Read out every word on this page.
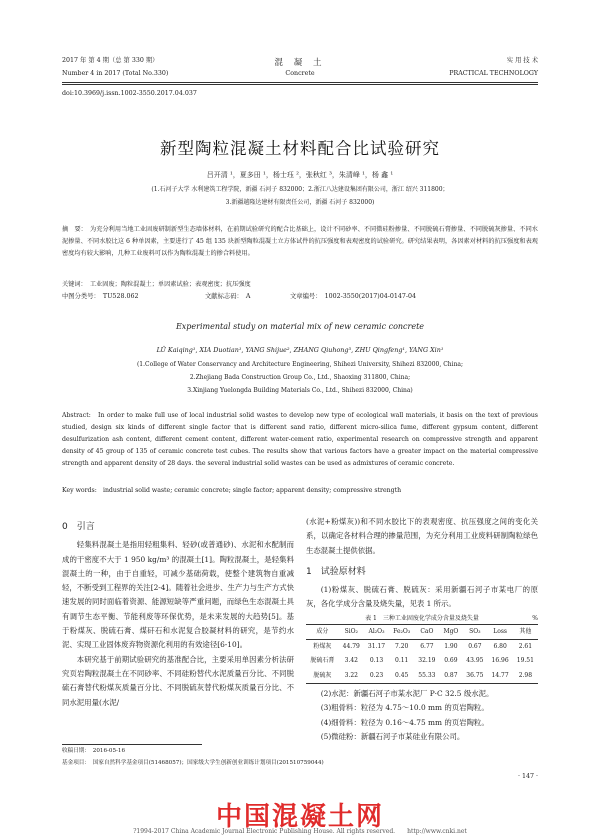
2017 年 第 4 期（总 第 330 期）
Number 4 in 2017 (Total No.330)
混 凝 土
Concrete
实 用 技 术
PRACTICAL TECHNOLOGY
doi:10.3969/j.issn.1002-3550.2017.04.037
新型陶粒混凝土材料配合比试验研究
吕开清 ¹，夏多田 ¹，杨士珏 ²，张秋红 ³，朱清峰 ¹，杨 鑫 ¹
(1.石河子大学 水利建筑工程学院，新疆 石河子 832000；2.浙江八达建设集团有限公司，浙江 绍兴 311800；
3.新疆越隆达建材有限责任公司，新疆 石河子 832000)
摘　要：　为充分利用当地工业固废研制新型生态墙体材料，在前期试验研究的配合比基础上，设计不同砂率、不同微硅粉掺量、不同脱硫石膏掺量、不同脱硫灰掺量、不同水泥掺量、不同水胶比这 6 种单因素，主要进行了 45 组 135 块新型陶粒混凝土立方体试件的抗压强度和表观密度的试验研究。研究结果表明，各因素对材料的抗压强度和表观密度均有较大影响，几种工业废料可以作为陶粒混凝土的掺合料使用。
关键词：　工业固废；陶粒混凝土；单因素试验；表观密度；抗压强度
中图分类号：　TU528.062	文献标志码：　A	文章编号：　1002-3550(2017)04-0147-04
Experimental study on material mix of new ceramic concrete
LÜ Kaiqing¹, XIA Duotian¹, YANG Shijue², ZHANG Qiuhong³, ZHU Qingfeng¹, YANG Xin¹
(1.College of Water Conservancy and Architecture Engineering, Shihezi University, Shihezi 832000, China;
2.Zhejiang Bada Construction Group Co., Ltd., Shaoxing 311800, China;
3.Xinjiang Yuelongda Building Materials Co., Ltd., Shihezi 832000, China)
Abstract:　In order to make full use of local industrial solid wastes to develop new type of ecological wall materials, it basis on the text of previous studied, design six kinds of different single factor that is different sand ratio, different micro-silica fume, different gypsum content, different desulfurization ash content, different cement content, different water-cement ratio, experimental research on compressive strength and apparent density of 45 group of 135 of ceramic concrete test cubes. The results show that various factors have a greater impact on the material compressive strength and apparent density of 28 days. the several industrial solid wastes can be used as admixtures of ceramic concrete.
Key words:　industrial solid waste; ceramic concrete; single factor; apparent density; compressive strength
0　引言
轻集料混凝土是指用轻粗集料、轻砂(或普通砂)、水泥和水配制而成的干密度不大于 1 950 kg/m³ 的混凝土[1]。陶粒混凝土，是轻集料混凝土的一种，由于自重轻，可减少基础荷载，使整个建筑物自重减轻，不断受到工程界的关注[2-4]。随着社会进步、生产力与生产方式快速发展的同时面临着资源、能源短缺等严重问题，而绿色生态混凝土具有调节生态平衡、节能利废等环保优势，是未来发展的大趋势[5]。基于粉煤灰、脱硫石膏、煤矸石和水泥复合胶凝材料的研究，是节约水泥、实现工业固体废弃物资源化利用的有效途径[6-10]。
本研究基于前期试验研究的基准配合比，主要采用单因素分析法研究页岩陶粒混凝土在不同砂率、不同硅粉替代水泥质量百分比、不同脱硫石膏替代粉煤灰质量百分比、不同脱硫灰替代粉煤灰质量百分比、不同水泥用量(水泥/
(水泥+粉煤灰))和不同水胶比下的表观密度、抗压强度之间的变化关系，以确定各材料合理的掺量范围，为充分利用工业废料研制陶粒绿色生态混凝土提供依据。
1　试验原材料
(1)粉煤灰、脱硫石膏、脱硫灰：采用新疆石河子市某电厂的原灰，各化学成分含量及烧失量，见表 1 所示。
表 1　三种工业固废化学成分含量及烧失量	%
成分	SiO₂	Al₂O₃	Fe₂O₃	CaO	MgO	SO₃	Loss	其他
粉煤灰	44.79	31.17	7.20	6.77	1.90	0.67	6.80	2.61
脱硫石膏	3.42	0.13	0.11	32.19	0.69	43.95	16.96	19.51
脱硫灰	3.22	0.23	0.45	55.33	0.87	36.75	14.77	2.98
(2)水泥：新疆石河子市某水泥厂 P·C 32.5 级水泥。
(3)粗骨料：粒径为 4.75～10.0 mm 的页岩陶粒。
(4)细骨料：粒径为 0.16～4.75 mm 的页岩陶粒。
(5)微硅粉：新疆石河子市某硅业有限公司。
收稿日期：　2016-05-16
基金项目：　国家自然科学基金项目(51468057)；国家级大学生创新创业训练计划项目(201510759044)
· 147 ·
中国混凝土网
?1994-2017 China Academic Journal Electronic Publishing House. All rights reserved.　　http://www.cnki.net
